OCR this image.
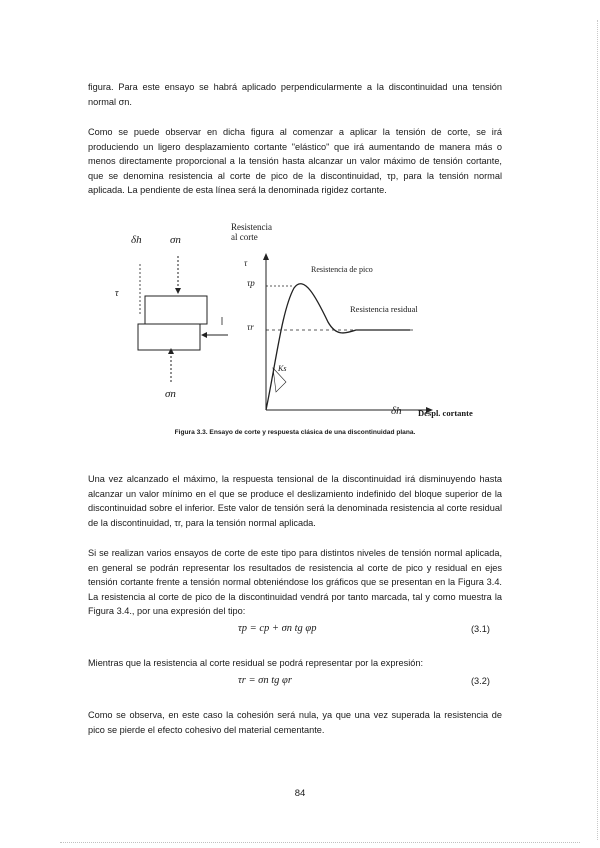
figura. Para este ensayo se habrá aplicado perpendicularmente a la discontinuidad una tensión normal σn.

Como se puede observar en dicha figura al comenzar a aplicar la tensión de corte, se irá produciendo un ligero desplazamiento cortante "elástico" que irá aumentando de manera más o menos directamente proporcional a la tensión hasta alcanzar un valor máximo de tensión cortante, que se denomina resistencia al corte de pico de la discontinuidad, τp, para la tensión normal aplicada. La pendiente de esta línea será la denominada rigidez cortante.

δh	σn
τ
σn
Resistencia
al corte
τ
τp
τr
Ks
Resistencia de pico
Resistencia residual
δh Despl. cortante
Figura 3.3. Ensayo de corte y respuesta clásica de una discontinuidad plana.

Una vez alcanzado el máximo, la respuesta tensional de la discontinuidad irá disminuyendo hasta alcanzar un valor mínimo en el que se produce el deslizamiento indefinido del bloque superior de la discontinuidad sobre el inferior. Este valor de tensión será la denominada resistencia al corte residual de la discontinuidad, τr, para la tensión normal aplicada.

Si se realizan varios ensayos de corte de este tipo para distintos niveles de tensión normal aplicada, en general se podrán representar los resultados de resistencia al corte de pico y residual en ejes tensión cortante frente a tensión normal obteniéndose los gráficos que se presentan en la Figura 3.4. La resistencia al corte de pico de la discontinuidad vendrá por tanto marcada, tal y como muestra la Figura 3.4., por una expresión del tipo:

τp = cp + σn tg φp	(3.1)

Mientras que la resistencia al corte residual se podrá representar por la expresión:

τr = σn tg φr	(3.2)

Como se observa, en este caso la cohesión será nula, ya que una vez superada la resistencia de pico se pierde el efecto cohesivo del material cementante.

84
